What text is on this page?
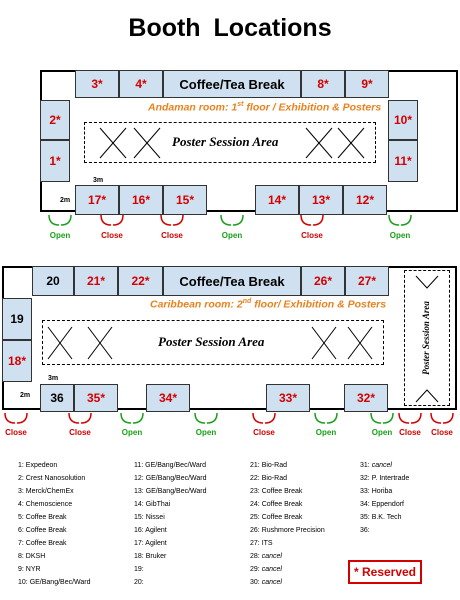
Booth Locations
Coffee/Tea Break
3*	4*	8*	9*
2*
1*
10*
11*
17*	16*	15*	14*	13*	12*
Andaman room: 1st floor / Exhibition & Posters
Poster Session Area
3m
2m
Open	Close	Close	Open	Close	Open
Coffee/Tea Break
20	21*	22*	26*	27*
19
18*
36	35*	34*	33*	32*
Caribbean room: 2nd floor/ Exhibition & Posters
Poster Session Area	Poster Session Area
3m
2m
Close	Close	Open	Open	Close	Open	Open Close	Close
1: Expedeon
2: Crest Nanosolution
3: Merck/ChemEx
4: Chemoscience
5: Coffee Break
6: Coffee Break
7: Coffee Break
8: DKSH
9: NYR
10: GE/Bang/Bec/Ward
11: GE/Bang/Bec/Ward
12: GE/Bang/Bec/Ward
13: GE/Bang/Bec/Ward
14: GibThai
15: Nissei
16: Agilent
17: Agilent
18: Bruker
19:
20:
21: Bio-Rad
22: Bio-Rad
23: Coffee Break
24: Coffee Break
25: Coffee Break
26: Rushmore Precision
27: ITS
28: cancel
29: cancel
30: cancel
31: cancel
32: P. Intertrade
33: Horiba
34: Eppendorf
35: B.K. Tech
36:
* Reserved
